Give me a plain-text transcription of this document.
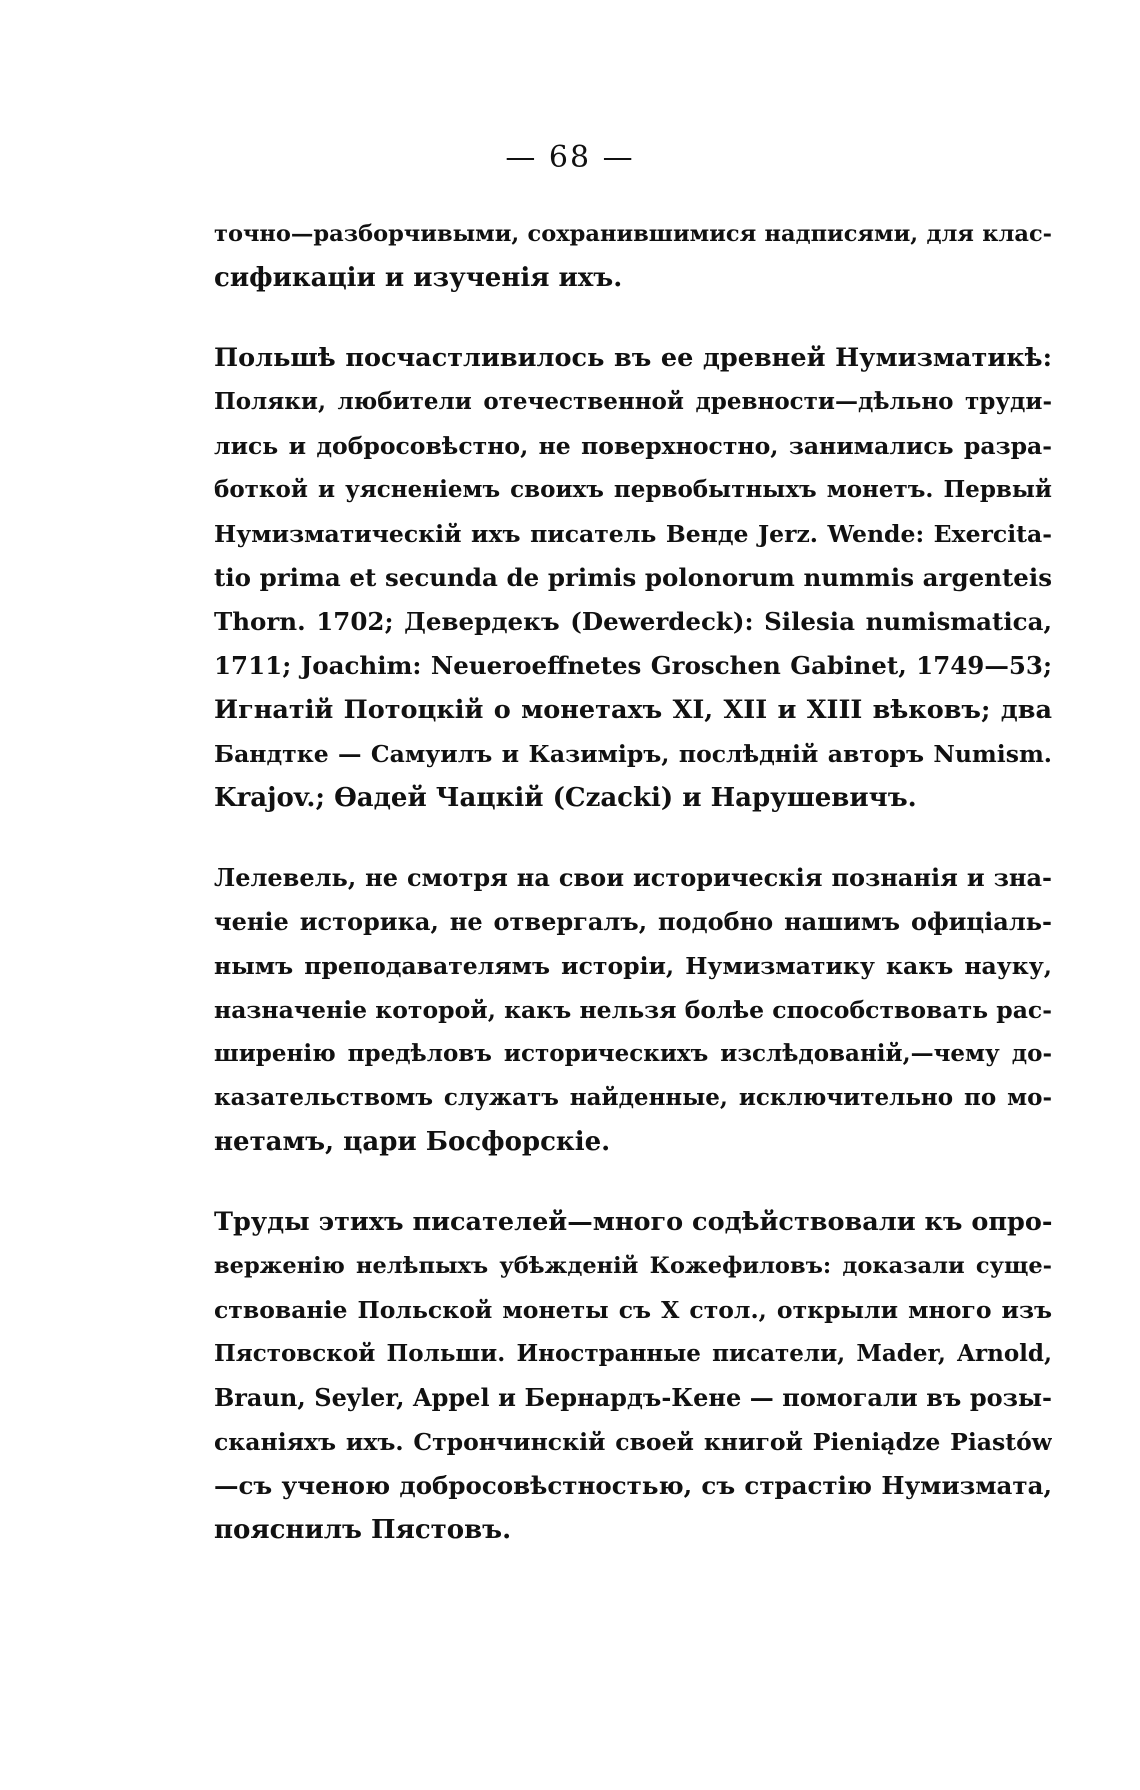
— 68 —
точно—разборчивыми, сохранившимися надписями, для клас-
сификаціи и изученія ихъ.
Польшѣ посчастливилось въ ее древней Нумизматикѣ:
Поляки, любители отечественной древности—дѣльно труди-
лись и добросовѣстно, не поверхностно, занимались разра-
боткой и уясненіемъ своихъ первобытныхъ монетъ. Первый
Нумизматическій ихъ писатель Венде Jerz. Wende: Exercita-
tio prima et secunda de primis polonorum nummis argenteis
Thorn. 1702; Девердекъ (Dewerdeck): Silesia numismatica,
1711; Joachim: Neueroeffnetes Groschen Gabinet, 1749—53;
Игнатій Потоцкій о монетахъ XI, XII и XIII вѣковъ; два
Бандтке — Самуилъ и Казиміръ, послѣдній авторъ Numism.
Krajov.; Ѳадей Чацкій (Czacki) и Нарушевичъ.
Лелевель, не смотря на свои историческія познанія и зна-
ченіе историка, не отвергалъ, подобно нашимъ офиціаль-
нымъ преподавателямъ исторіи, Нумизматику какъ науку,
назначеніе которой, какъ нельзя болѣе способствовать рас-
ширенію предѣловъ историческихъ изслѣдованій,—чему до-
казательствомъ служатъ найденные, исключительно по мо-
нетамъ, цари Босфорскіе.
Труды этихъ писателей—много содѣйствовали къ опро-
верженію нелѣпыхъ убѣжденій Кожефиловъ: доказали суще-
ствованіе Польской монеты съ X стол., открыли много изъ
Пястовской Польши. Иностранные писатели, Mader, Arnold,
Braun, Seyler, Appel и Бернардъ-Кене — помогали въ розы-
сканіяхъ ихъ. Стрончинскій своей книгой Pieniądze Piastów
—съ ученою добросовѣстностью, съ страстію Нумизмата,
пояснилъ Пястовъ.
